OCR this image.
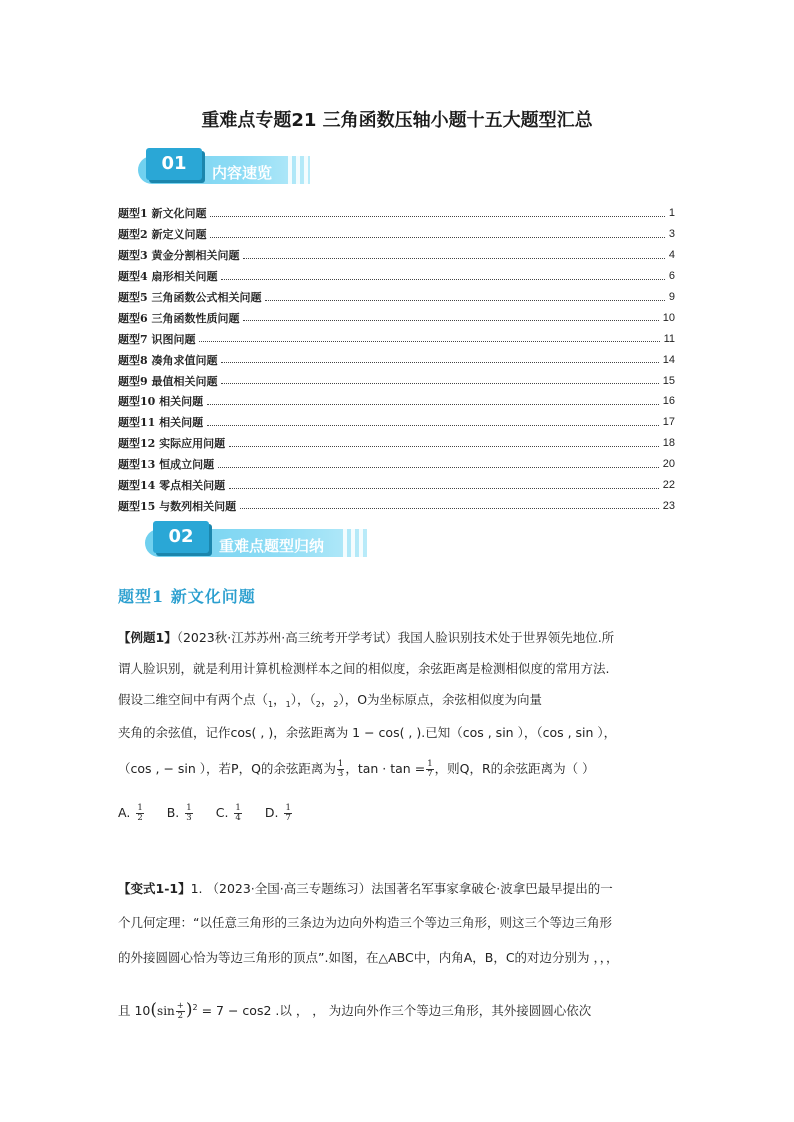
重难点专题21 三角函数压轴小题十五大题型汇总
01	内容速览
题型1 新文化问题	1
题型2 新定义问题	3
题型3 黄金分割相关问题	4
题型4 扇形相关问题	6
题型5 三角函数公式相关问题	9
题型6 三角函数性质问题	10
题型7 识图问题	11
题型8 凑角求值问题	14
题型9 最值相关问题	15
题型10 相关问题	16
题型11 相关问题	17
题型12 实际应用问题	18
题型13 恒成立问题	20
题型14 零点相关问题	22
题型15 与数列相关问题	23
02	重难点题型归纳
题型1 新文化问题
【例题1】（2023秋·江苏苏州·高三统考开学考试）我国人脸识别技术处于世界领先地位.所
谓人脸识别，就是利用计算机检测样本之间的相似度，余弦距离是检测相似度的常用方法.
假设二维空间中有两个点（$_1$，$_1$），（$_2$，$_2$），O为坐标原点，余弦相似度为向量
夹角的余弦值，记作cos( , )，余弦距离为 1 − cos( , ).已知（cos , sin ），（cos , sin ），
（cos , − sin ），若P，Q的余弦距离为 $\frac{1}{3}$ ，$\tan \cdot \tan = \frac{1}{7}$ ，则Q，R的余弦距离为（ ）
A. $\frac{1}{2} B$. $\frac{1}{3} C$. $\frac{1}{4} D$. $\frac{1}{7}$
【变式1-1】1. （2023·全国·高三专题练习）法国著名军事家拿破仑·波拿巴最早提出的一
个几何定理：“以任意三角形的三条边为边向外构造三个等边三角形，则这三个等边三角形
的外接圆圆心恰为等边三角形的顶点”.如图，在△ABC中，内角A，B，C的对边分别为 ，，，
且 $10(\sin \frac{+}{2} )^2 = 7 - \cos 2$ .以 ， ， 为边向外作三个等边三角形，其外接圆圆心依次
